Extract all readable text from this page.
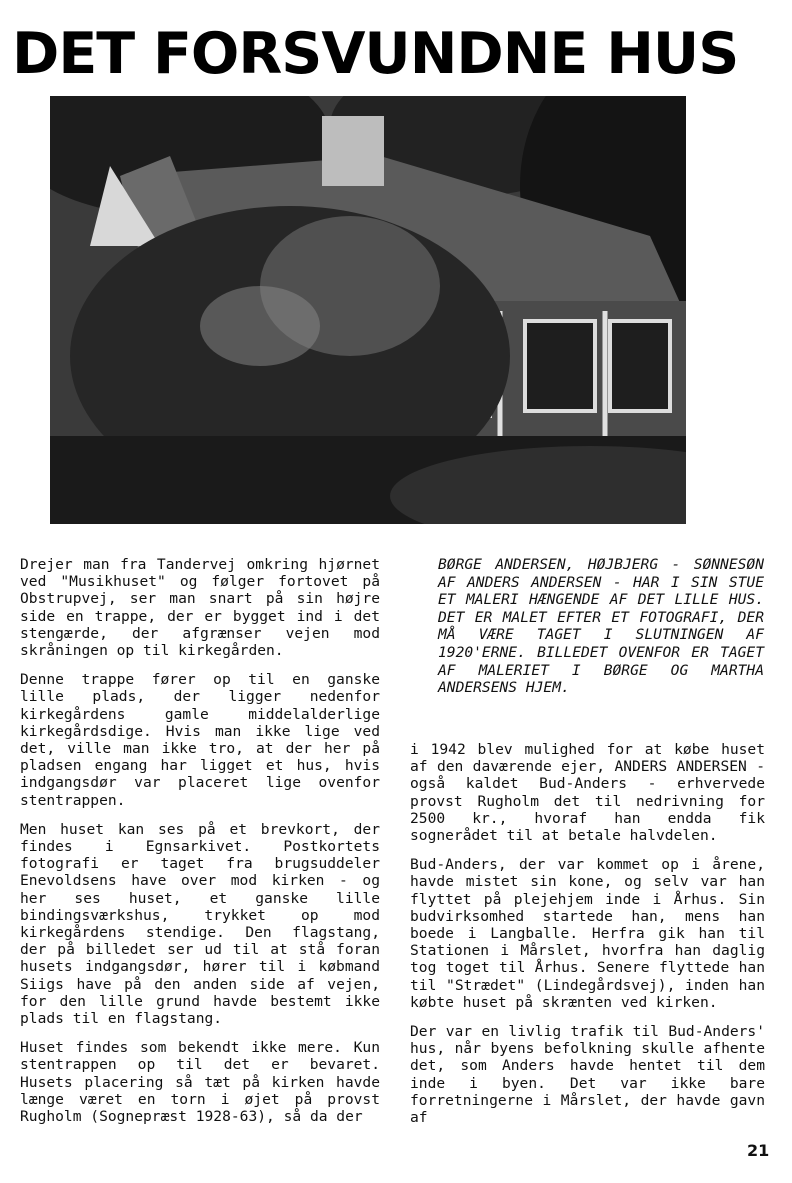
DET FORSVUNDNE HUS

Drejer man fra Tandervej omkring hjørnet ved "Musikhuset" og følger fortovet på Obstrupvej, ser man snart på sin højre side en trappe, der er bygget ind i det stengærde, der afgrænser vejen mod skråningen op til kirkegården.

Denne trappe fører op til en ganske lille plads, der ligger nedenfor kirkegårdens gamle middelalderlige kirkegårdsdige. Hvis man ikke lige ved det, ville man ikke tro, at der her på pladsen engang har ligget et hus, hvis indgangsdør var placeret lige ovenfor stentrappen.

Men huset kan ses på et brevkort, der findes i Egnsarkivet. Postkortets fotografi er taget fra brugsuddeler Enevoldsens have over mod kirken - og her ses huset, et ganske lille bindingsværkshus, trykket op mod kirkegårdens stendige. Den flagstang, der på billedet ser ud til at stå foran husets indgangsdør, hører til i købmand Siigs have på den anden side af vejen, for den lille grund havde bestemt ikke plads til en flagstang.

Huset findes som bekendt ikke mere. Kun stentrappen op til det er bevaret. Husets placering så tæt på kirken havde længe været en torn i øjet på provst Rugholm (Sognepræst 1928-63), så da der

BØRGE ANDERSEN, HØJBJERG - SØNNESØN AF ANDERS ANDERSEN - HAR I SIN STUE ET MALERI HÆNGENDE AF DET LILLE HUS. DET ER MALET EFTER ET FOTOGRAFI, DER MÅ VÆRE TAGET I SLUTNINGEN AF 1920'ERNE. BILLEDET OVENFOR ER TAGET AF MALERIET I BØRGE OG MARTHA ANDERSENS HJEM.

i 1942 blev mulighed for at købe huset af den daværende ejer, ANDERS ANDERSEN - også kaldet Bud-Anders - erhvervede provst Rugholm det til nedrivning for 2500 kr., hvoraf han endda fik sognerådet til at betale halvdelen.

Bud-Anders, der var kommet op i årene, havde mistet sin kone, og selv var han flyttet på plejehjem inde i Århus. Sin budvirksomhed startede han, mens han boede i Langballe. Herfra gik han til Stationen i Mårslet, hvorfra han daglig tog toget til Århus. Senere flyttede han til "Strædet" (Lindegårdsvej), inden han købte huset på skrænten ved kirken.

Der var en livlig trafik til Bud-Anders' hus, når byens befolkning skulle afhente det, som Anders havde hentet til dem inde i byen. Det var ikke bare forretningerne i Mårslet, der havde gavn af

21
